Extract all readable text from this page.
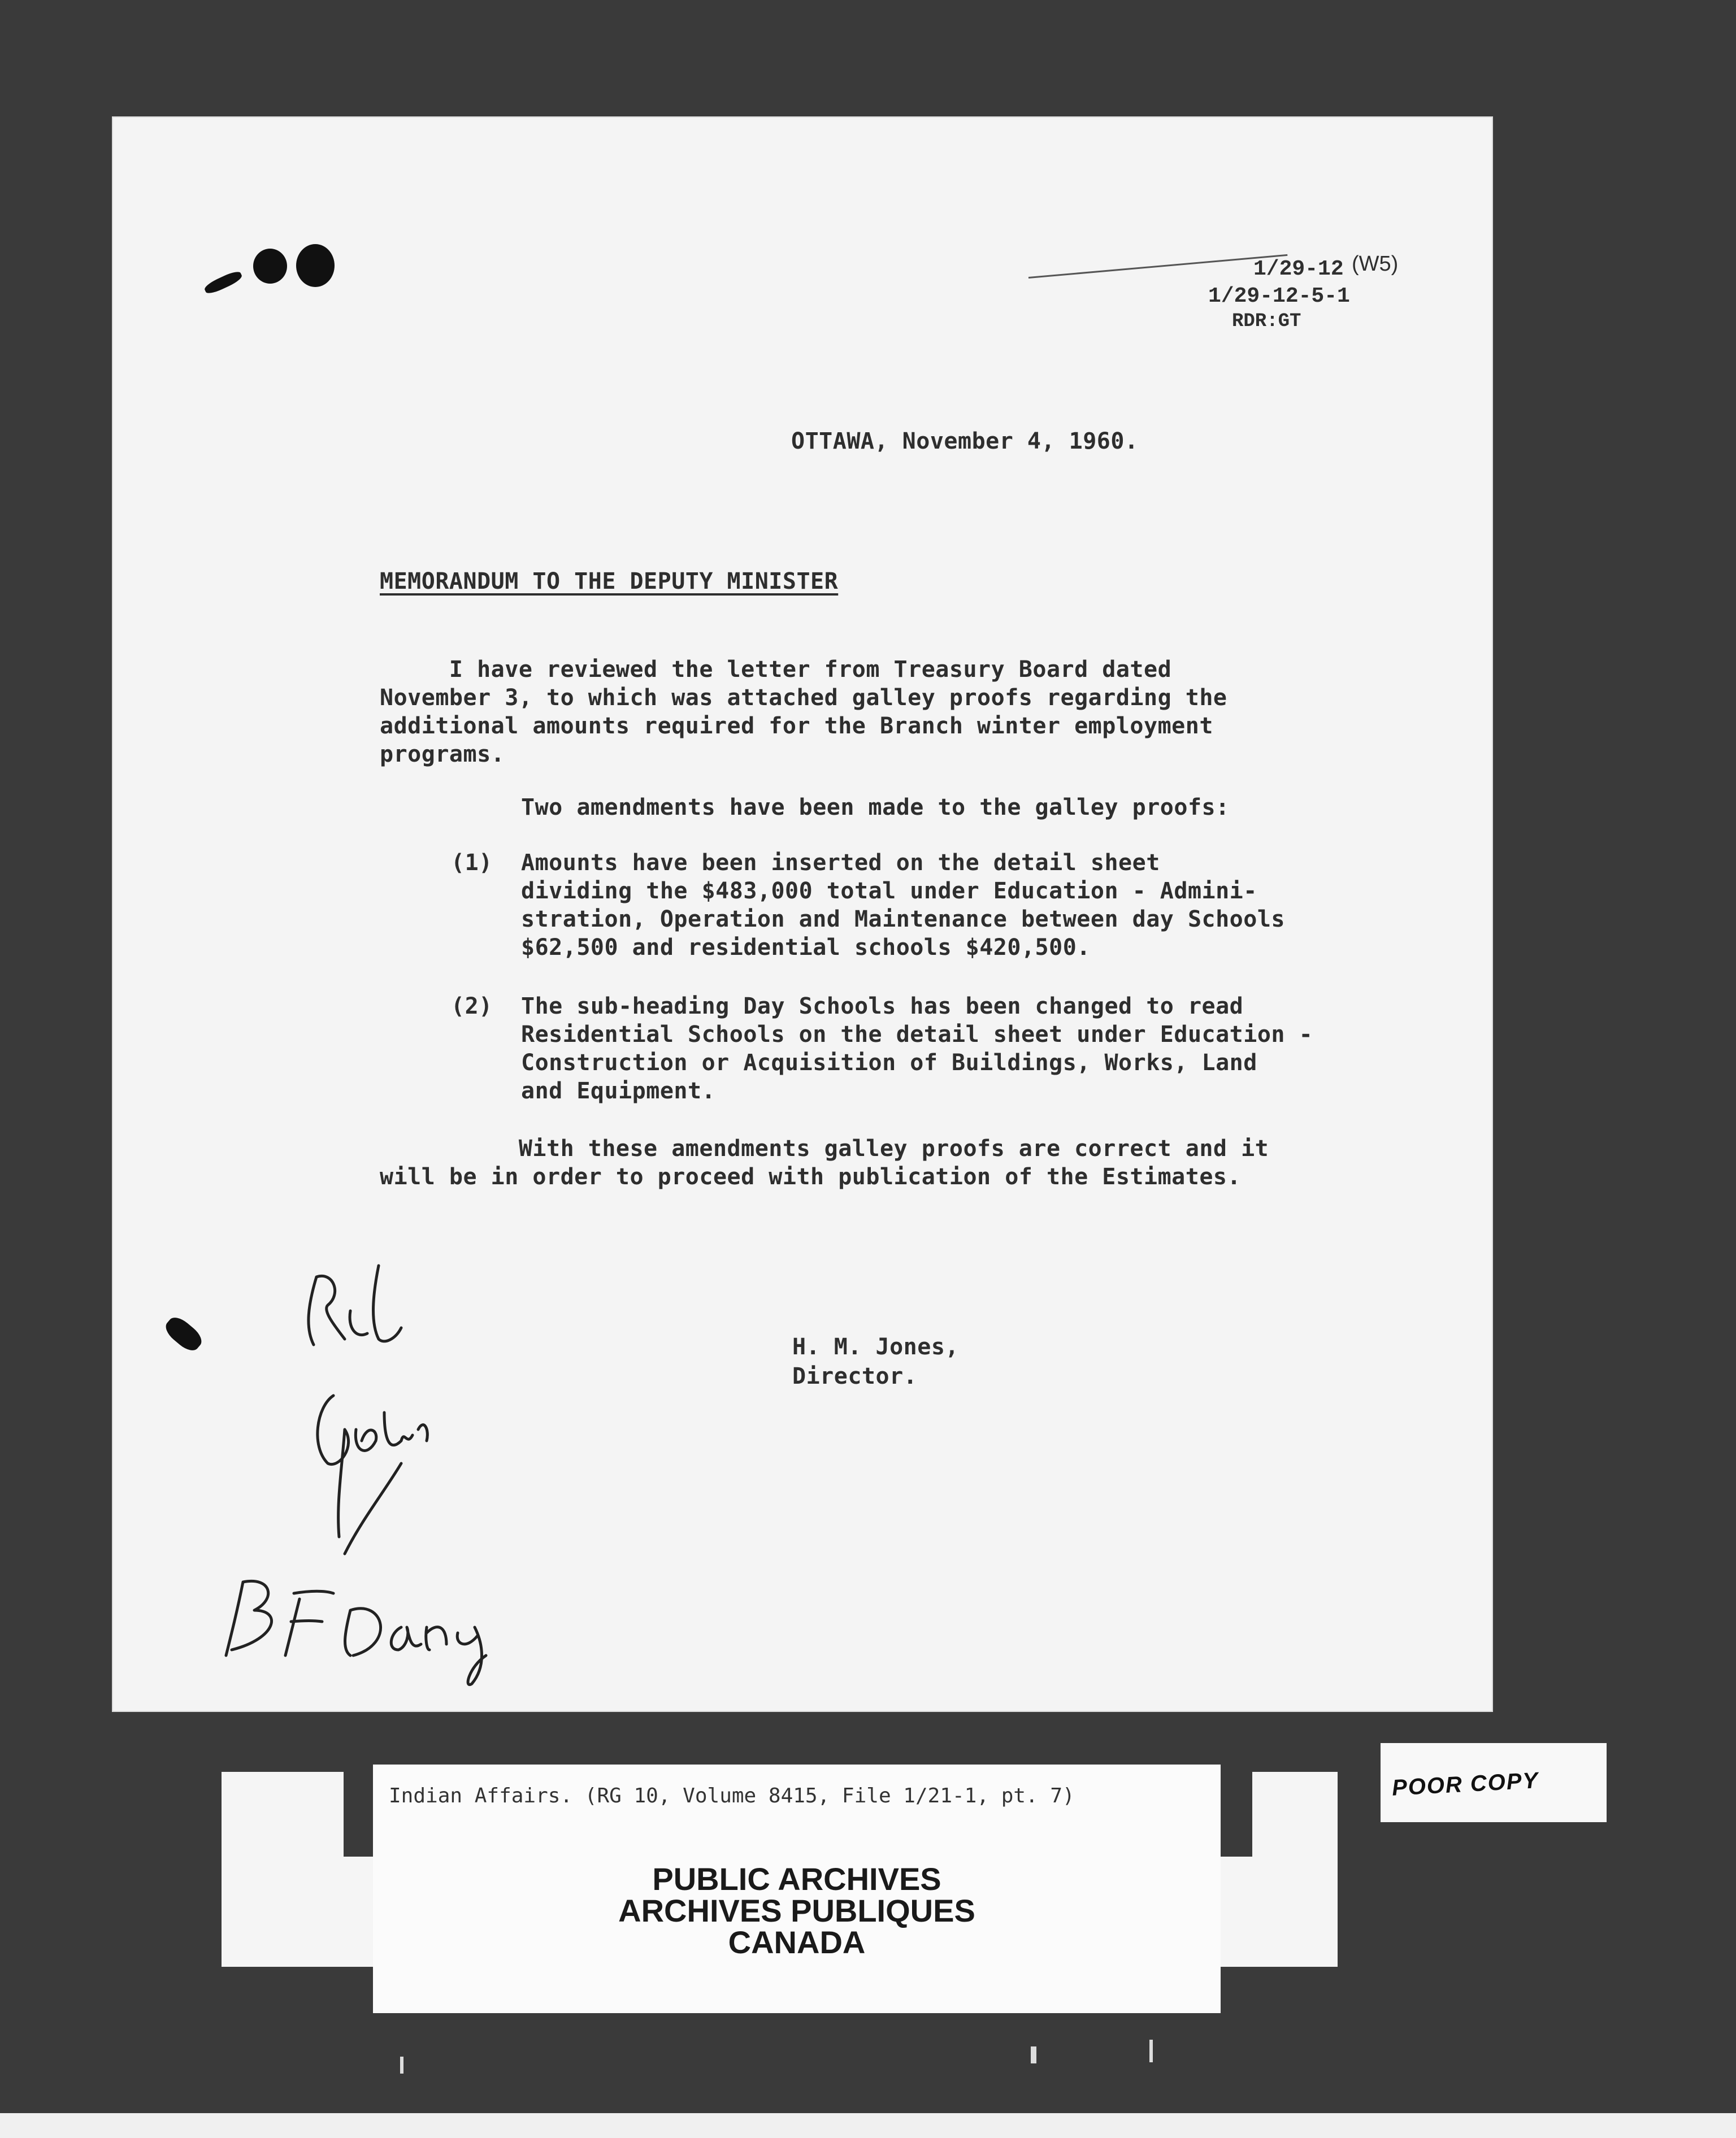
1/29-12 (W5)
1/29-12-5-1
RDR:GT
OTTAWA, November 4, 1960.
MEMORANDUM TO THE DEPUTY MINISTER
I have reviewed the letter from Treasury Board dated
November 3, to which was attached galley proofs regarding the
additional amounts required for the Branch winter employment
programs.
Two amendments have been made to the galley proofs:
(1) Amounts have been inserted on the detail sheet
dividing the $483,000 total under Education - Admini-
stration, Operation and Maintenance between day Schools
$62,500 and residential schools $420,500.
(2) The sub-heading Day Schools has been changed to read
Residential Schools on the detail sheet under Education -
Construction or Acquisition of Buildings, Works, Land
and Equipment.
With these amendments galley proofs are correct and it
will be in order to proceed with publication of the Estimates.
H. M. Jones,
Director.
POOR COPY
Indian Affairs. (RG 10, Volume 8415, File 1/21-1, pt. 7)
PUBLIC ARCHIVES
ARCHIVES PUBLIQUES
CANADA
